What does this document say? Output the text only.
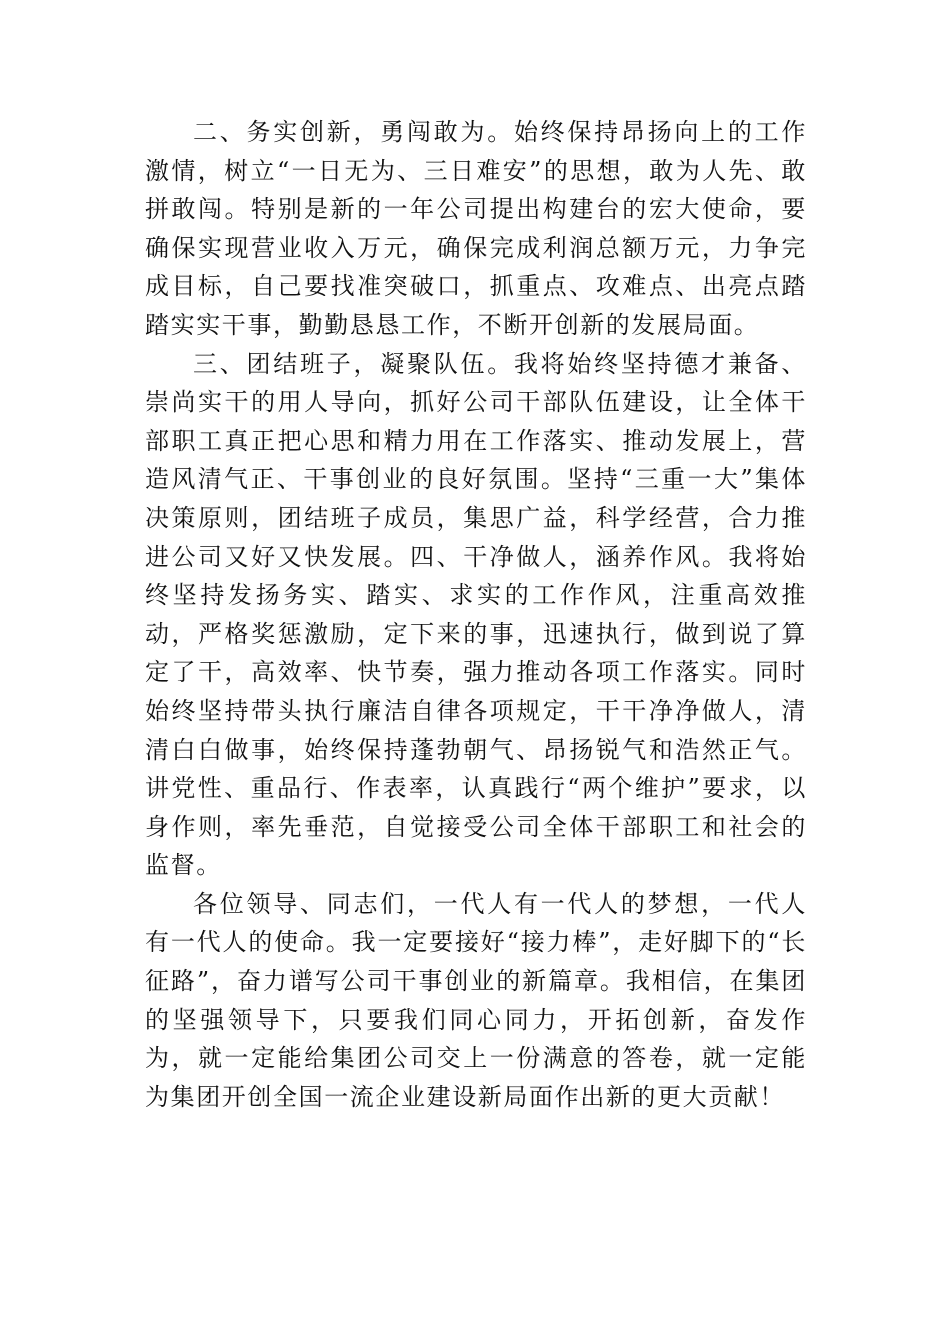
二、务实创新，勇闯敢为。始终保持昂扬向上的工作激情，树立“一日无为、三日难安”的思想，敢为人先、敢拼敢闯。特别是新的一年公司提出构建台的宏大使命，要确保实现营业收入万元，确保完成利润总额万元，力争完成目标，自己要找准突破口，抓重点、攻难点、出亮点踏踏实实干事，勤勤恳恳工作，不断开创新的发展局面。

三、团结班子，凝聚队伍。我将始终坚持德才兼备、崇尚实干的用人导向，抓好公司干部队伍建设，让全体干部职工真正把心思和精力用在工作落实、推动发展上，营造风清气正、干事创业的良好氛围。坚持“三重一大”集体决策原则，团结班子成员，集思广益，科学经营，合力推进公司又好又快发展。四、干净做人，涵养作风。我将始终坚持发扬务实、踏实、求实的工作作风，注重高效推动，严格奖惩激励，定下来的事，迅速执行，做到说了算定了干，高效率、快节奏，强力推动各项工作落实。同时始终坚持带头执行廉洁自律各项规定，干干净净做人，清清白白做事，始终保持蓬勃朝气、昂扬锐气和浩然正气。讲党性、重品行、作表率，认真践行“两个维护”要求，以身作则，率先垂范，自觉接受公司全体干部职工和社会的监督。

各位领导、同志们，一代人有一代人的梦想，一代人有一代人的使命。我一定要接好“接力棒”，走好脚下的“长征路”，奋力谱写公司干事创业的新篇章。我相信，在集团的坚强领导下，只要我们同心同力，开拓创新，奋发作为，就一定能给集团公司交上一份满意的答卷，就一定能为集团开创全国一流企业建设新局面作出新的更大贡献！
